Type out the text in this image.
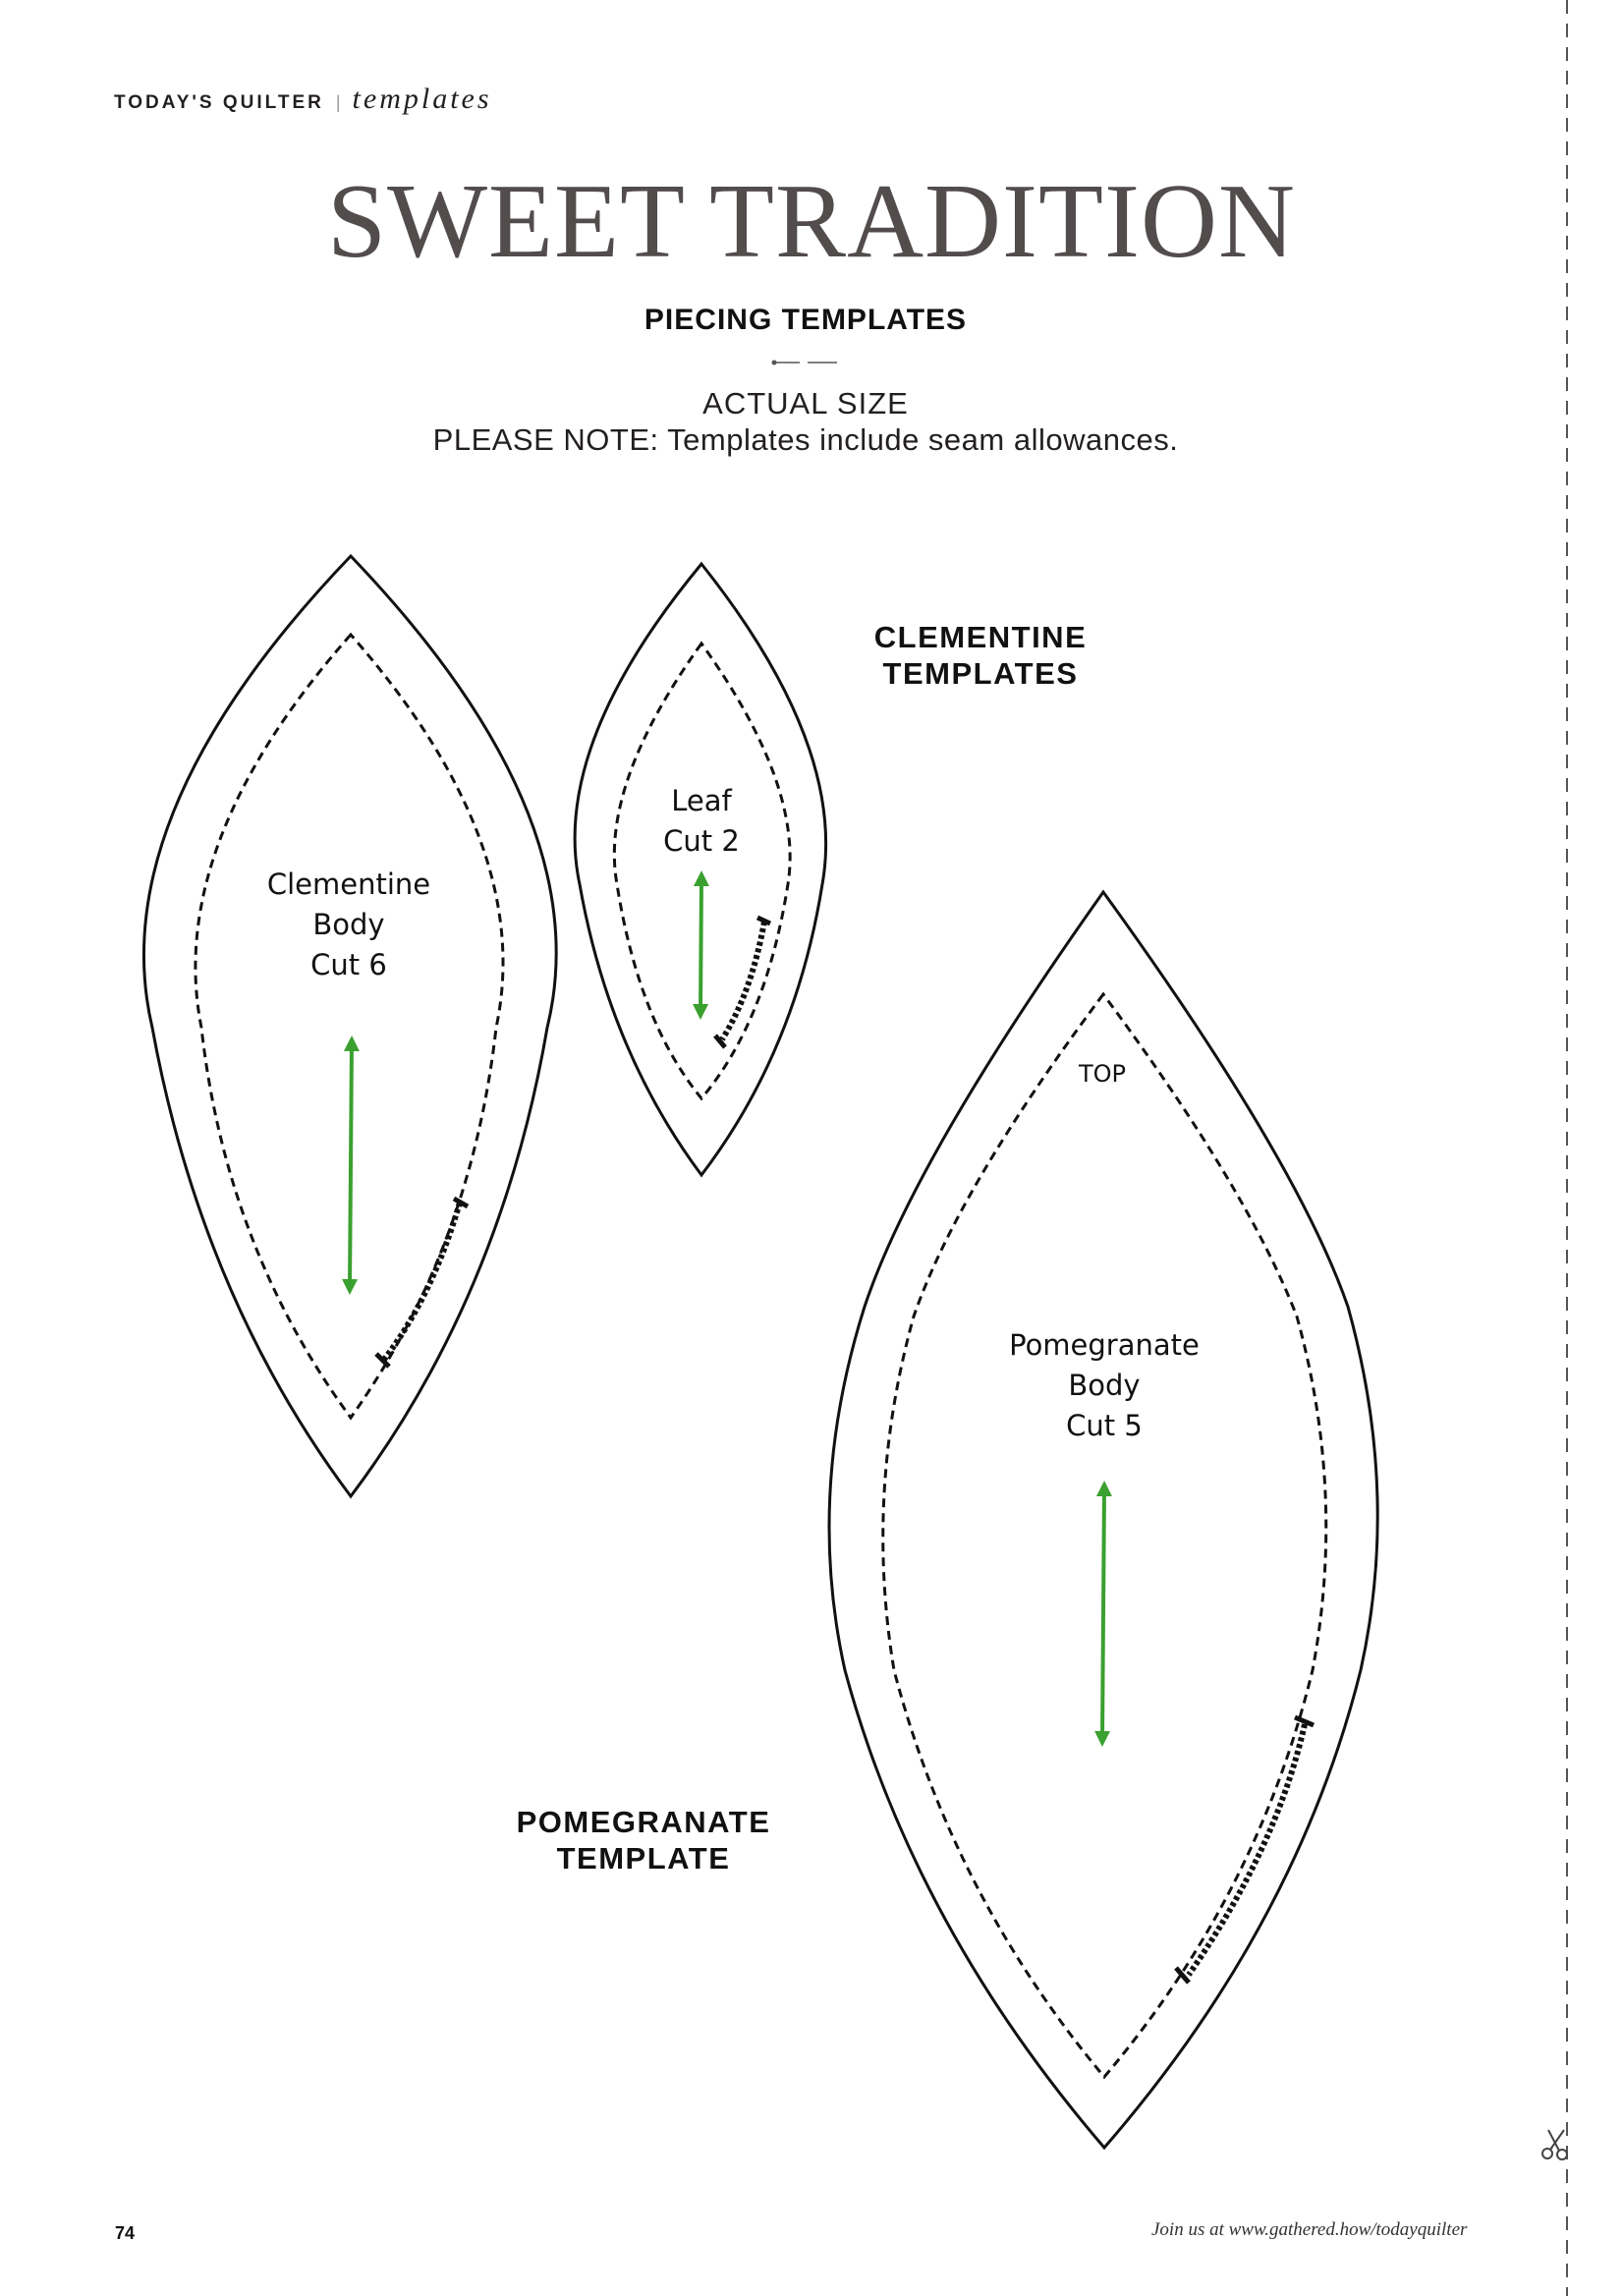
TODAY'S QUILTER | templates
SWEET TRADITION
PIECING TEMPLATES
ACTUAL SIZE
PLEASE NOTE: Templates include seam allowances.
CLEMENTINE
TEMPLATES
Clementine
Body
Cut 6
Leaf
Cut 2
TOP
Pomegranate
Body
Cut 5
POMEGRANATE
TEMPLATE
74	Join us at www.gathered.how/todayquilter
